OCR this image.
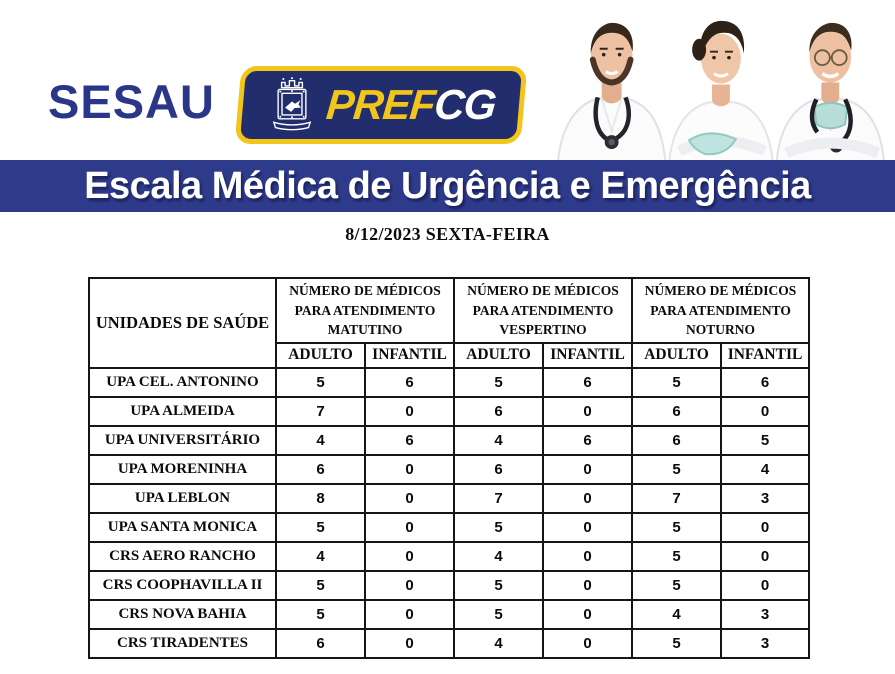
SESAU	PREFCG
Escala Médica de Urgência e Emergência
8/12/2023 SEXTA-FEIRA
UNIDADES DE SAÚDE	NÚMERO DE MÉDICOS PARA ATENDIMENTO MATUTINO		NÚMERO DE MÉDICOS PARA ATENDIMENTO VESPERTINO		NÚMERO DE MÉDICOS PARA ATENDIMENTO NOTURNO	
	ADULTO	INFANTIL	ADULTO	INFANTIL	ADULTO	INFANTIL
UPA CEL. ANTONINO	5	6	5	6	5	6
UPA ALMEIDA	7	0	6	0	6	0
UPA UNIVERSITÁRIO	4	6	4	6	6	5
UPA MORENINHA	6	0	6	0	5	4
UPA LEBLON	8	0	7	0	7	3
UPA SANTA MONICA	5	0	5	0	5	0
CRS AERO RANCHO	4	0	4	0	5	0
CRS COOPHAVILLA II	5	0	5	0	5	0
CRS NOVA BAHIA	5	0	5	0	4	3
CRS TIRADENTES	6	0	4	0	5	3
